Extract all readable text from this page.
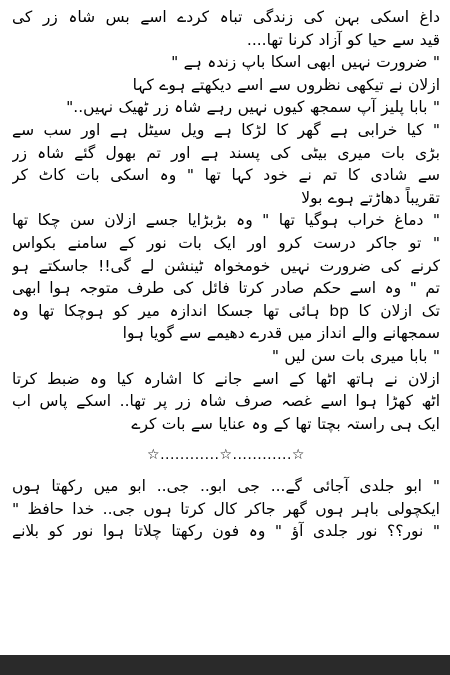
داغ اسکی بہن کی زندگی تباہ کردے اسے بس شاہ زر کی
قید سے حیا کو آزاد کرنا تھا....
" ضرورت نہیں ابھی اسکا باپ زندہ ہے "
ازلان نے تیکھی نظروں سے اسے دیکھتے ہوے کہا
" بابا پلیز آپ سمجھ کیوں نہیں رہے شاہ زر ٹھیک نہیں.."
" کیا خرابی ہے گھر کا لڑکا ہے ویل سیٹل ہے اور سب سے
بڑی بات میری بیٹی کی پسند ہے اور تم بھول گئے شاہ زر
سے شادی کا تم نے خود کہا تھا " وہ اسکی بات کاٹ کر
تقریباً دھاڑتے ہوے بولا
" دماغ خراب ہوگیا تھا " وہ بڑبڑایا جسے ازلان سن چکا تھا
" تو جاکر درست کرو اور ایک بات نور کے سامنے بکواس
کرنے کی ضرورت نہیں خومخواہ ٹینشن لے گی!! جاسکتے ہو
تم " وہ اسے حکم صادر کرتا فائل کی طرف متوجہ ہوا ابھی
تک ازلان کا bp ہائی تھا جسکا اندازہ میر کو ہوچکا تھا وہ
سمجھانے والے انداز میں قدرے دھیمے سے گویا ہوا
" بابا میری بات سن لیں "
ازلان نے ہاتھ اٹھا کے اسے جانے کا اشارہ کیا وہ ضبط کرتا
اٹھ کھڑا ہوا اسے غصہ صرف شاہ زر پر تھا.. اسکے پاس اب
ایک ہی راستہ بچتا تھا کے وہ عنایا سے بات کرے
☆............☆............☆
" ابو جلدی آجائی گے... جی ابو.. جی.. ابو میں رکھتا ہوں
ایکچولی باہر ہوں گھر جاکر کال کرتا ہوں جی.. خدا حافظ "
" نور؟؟ نور جلدی آؤ " وہ فون رکھتا چلاتا ہوا نور کو بلانے
